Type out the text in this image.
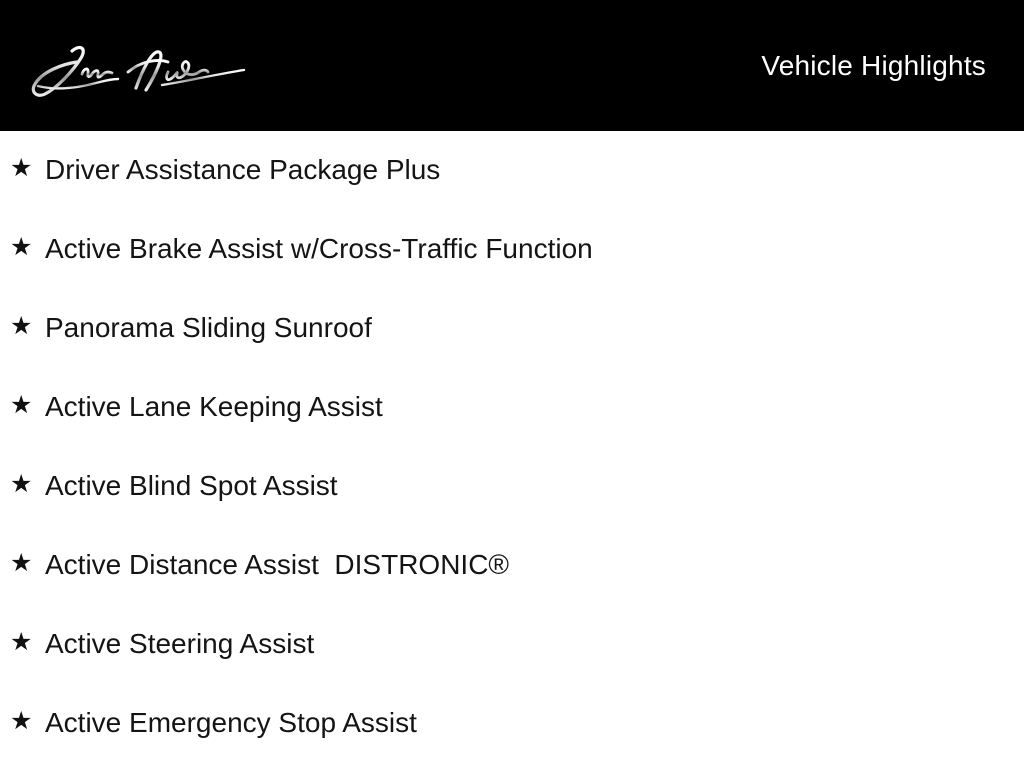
Vehicle Highlights
★ Driver Assistance Package Plus
★ Active Brake Assist w/Cross-Traffic Function
★ Panorama Sliding Sunroof
★ Active Lane Keeping Assist
★ Active Blind Spot Assist
★ Active Distance Assist  DISTRONIC®
★ Active Steering Assist
★ Active Emergency Stop Assist
